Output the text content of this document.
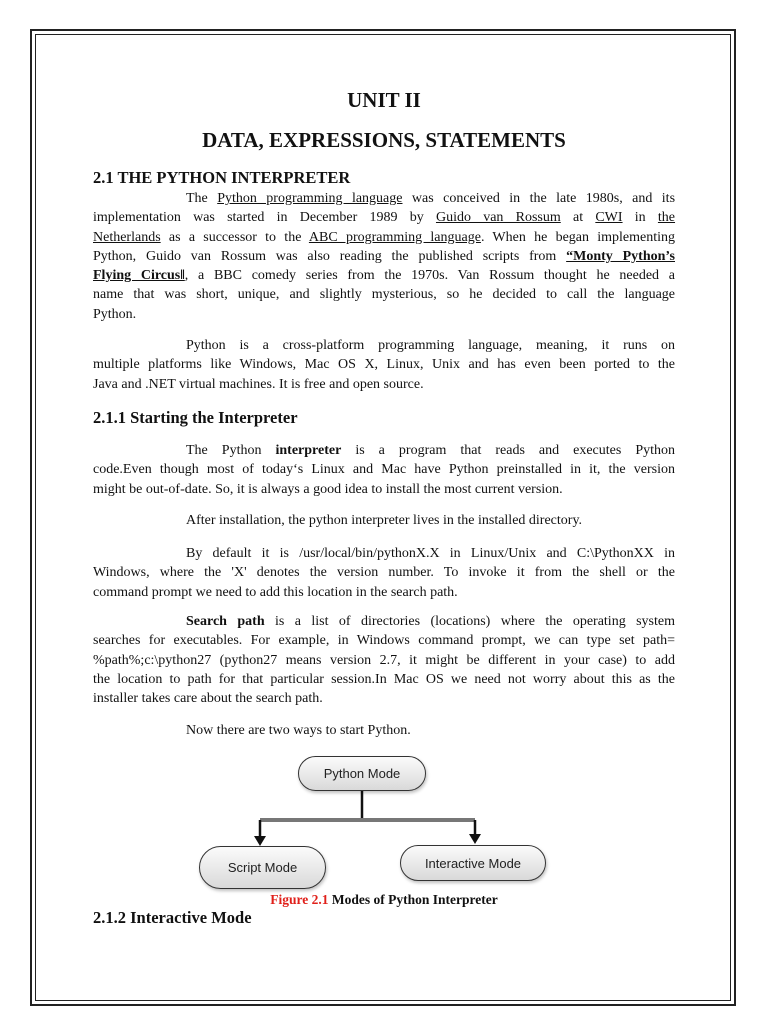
UNIT II
DATA, EXPRESSIONS, STATEMENTS
2.1 THE PYTHON INTERPRETER
The Python programming language was conceived in the late 1980s, and its
implementation was started in December 1989 by Guido van Rossum at CWI in the
Netherlands as a successor to the ABC programming language. When he began implementing
Python, Guido van Rossum was also reading the published scripts from “Monty Python’s
Flying Circus‖, a BBC comedy series from the 1970s. Van Rossum thought he needed a
name that was short, unique, and slightly mysterious, so he decided to call the language
Python.
Python is a cross-platform programming language, meaning, it runs on
multiple platforms like Windows, Mac OS X, Linux, Unix and has even been ported to the
Java and .NET virtual machines. It is free and open source.
2.1.1 Starting the Interpreter
The Python interpreter is a program that reads and executes Python
code.Even though most of today‘s Linux and Mac have Python preinstalled in it, the version
might be out-of-date. So, it is always a good idea to install the most current version.
After installation, the python interpreter lives in the installed directory.
By default it is /usr/local/bin/pythonX.X in Linux/Unix and C:\PythonXX in
Windows, where the 'X' denotes the version number. To invoke it from the shell or the
command prompt we need to add this location in the search path.
Search path is a list of directories (locations) where the operating system
searches for executables. For example, in Windows command prompt, we can type set path=
%path%;c:\python27 (python27 means version 2.7, it might be different in your case) to add
the location to path for that particular session.In Mac OS we need not worry about this as the
installer takes care about the search path.
Now there are two ways to start Python.
Python Mode
Script Mode	Interactive Mode
Figure 2.1 Modes of Python Interpreter
2.1.2 Interactive Mode
